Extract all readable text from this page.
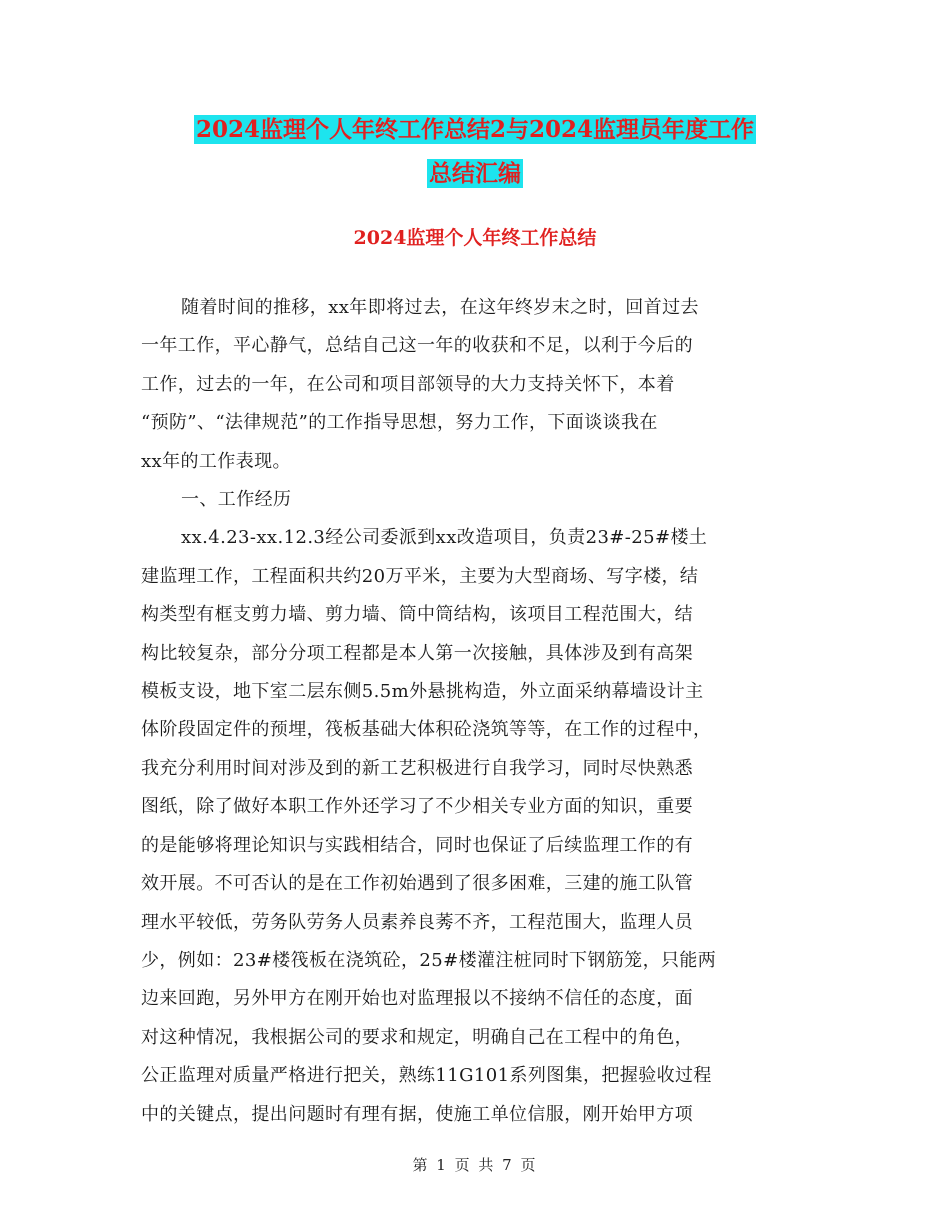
2024监理个人年终工作总结2与2024监理员年度工作
总结汇编
2024监理个人年终工作总结

随着时间的推移，xx年即将过去，在这年终岁末之时，回首过去

一年工作，平心静气，总结自己这一年的收获和不足，以利于今后的

工作，过去的一年，在公司和项目部领导的大力支持关怀下，本着

“预防”、“法律规范”的工作指导思想，努力工作，下面谈谈我在

xx年的工作表现。

一、工作经历

xx.4.23-xx.12.3经公司委派到xx改造项目，负责23#-25#楼土

建监理工作，工程面积共约20万平米，主要为大型商场、写字楼，结

构类型有框支剪力墙、剪力墙、筒中筒结构，该项目工程范围大，结

构比较复杂，部分分项工程都是本人第一次接触，具体涉及到有高架

模板支设，地下室二层东侧5.5m外悬挑构造，外立面采纳幕墙设计主

体阶段固定件的预埋，筏板基础大体积砼浇筑等等，在工作的过程中，

我充分利用时间对涉及到的新工艺积极进行自我学习，同时尽快熟悉

图纸，除了做好本职工作外还学习了不少相关专业方面的知识，重要

的是能够将理论知识与实践相结合，同时也保证了后续监理工作的有

效开展。不可否认的是在工作初始遇到了很多困难，三建的施工队管

理水平较低，劳务队劳务人员素养良莠不齐，工程范围大，监理人员

少，例如：23#楼筏板在浇筑砼，25#楼灌注桩同时下钢筋笼，只能两

边来回跑，另外甲方在刚开始也对监理报以不接纳不信任的态度，面

对这种情况，我根据公司的要求和规定，明确自己在工程中的角色，

公正监理对质量严格进行把关，熟练11G101系列图集，把握验收过程

中的关键点，提出问题时有理有据，使施工单位信服，刚开始甲方项

第 1 页 共 7 页
